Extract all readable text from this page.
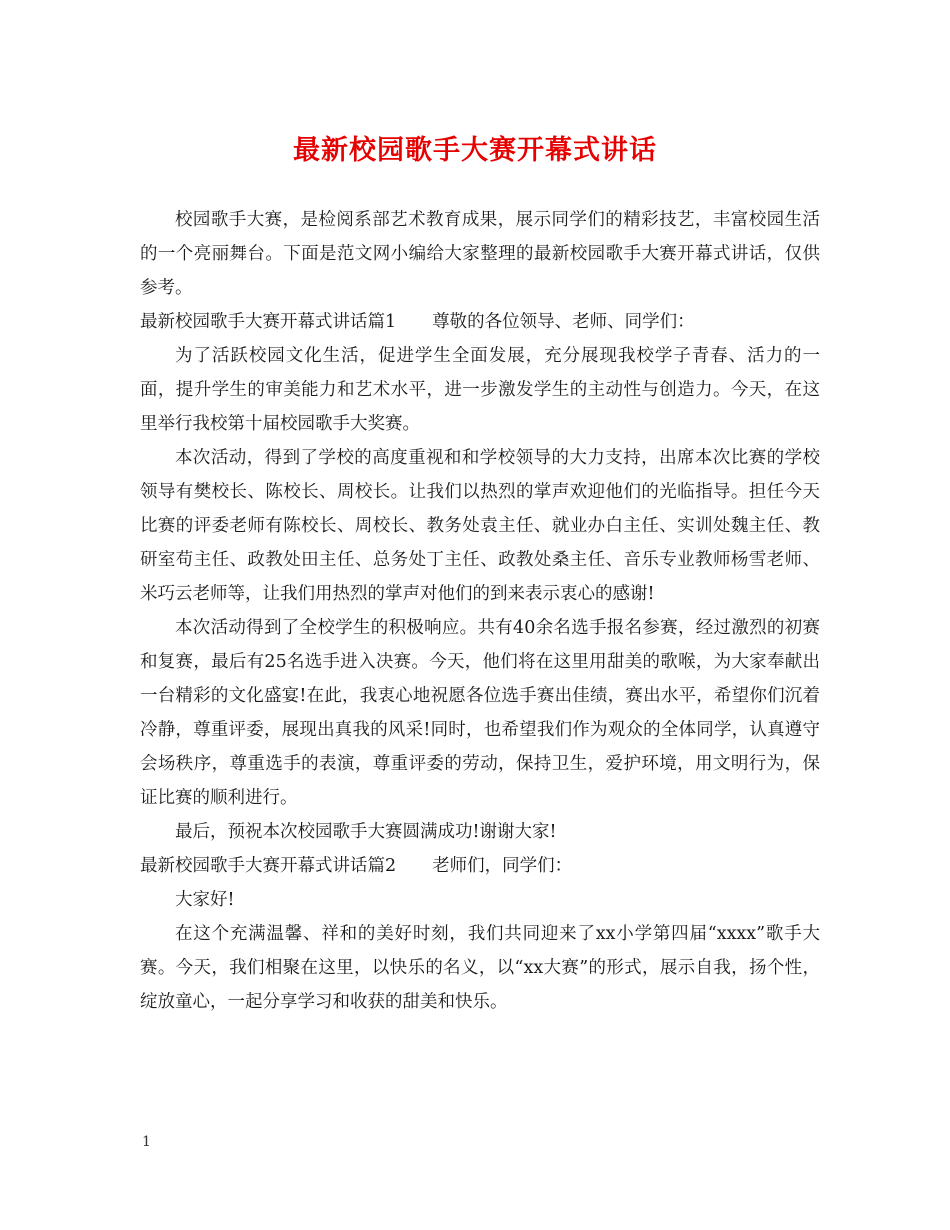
最新校园歌手大赛开幕式讲话

校园歌手大赛，是检阅系部艺术教育成果，展示同学们的精彩技艺，丰富校园生活的一个亮丽舞台。下面是范文网小编给大家整理的最新校园歌手大赛开幕式讲话，仅供参考。

最新校园歌手大赛开幕式讲话篇1 尊敬的各位领导、老师、同学们：

为了活跃校园文化生活，促进学生全面发展，充分展现我校学子青春、活力的一面，提升学生的审美能力和艺术水平，进一步激发学生的主动性与创造力。今天，在这里举行我校第十届校园歌手大奖赛。

本次活动，得到了学校的高度重视和和学校领导的大力支持，出席本次比赛的学校领导有樊校长、陈校长、周校长。让我们以热烈的掌声欢迎他们的光临指导。担任今天比赛的评委老师有陈校长、周校长、教务处袁主任、就业办白主任、实训处魏主任、教研室苟主任、政教处田主任、总务处丁主任、政教处桑主任、音乐专业教师杨雪老师、米巧云老师等，让我们用热烈的掌声对他们的到来表示衷心的感谢!

本次活动得到了全校学生的积极响应。共有40余名选手报名参赛，经过激烈的初赛和复赛，最后有25名选手进入决赛。今天，他们将在这里用甜美的歌喉，为大家奉献出一台精彩的文化盛宴!在此，我衷心地祝愿各位选手赛出佳绩，赛出水平，希望你们沉着冷静，尊重评委，展现出真我的风采!同时，也希望我们作为观众的全体同学，认真遵守会场秩序，尊重选手的表演，尊重评委的劳动，保持卫生，爱护环境，用文明行为，保证比赛的顺利进行。

最后，预祝本次校园歌手大赛圆满成功!谢谢大家!

最新校园歌手大赛开幕式讲话篇2 老师们，同学们：

大家好!

在这个充满温馨、祥和的美好时刻，我们共同迎来了xx小学第四届“xxxx”歌手大赛。今天，我们相聚在这里，以快乐的名义，以“xx大赛”的形式，展示自我，扬个性，绽放童心，一起分享学习和收获的甜美和快乐。

1
